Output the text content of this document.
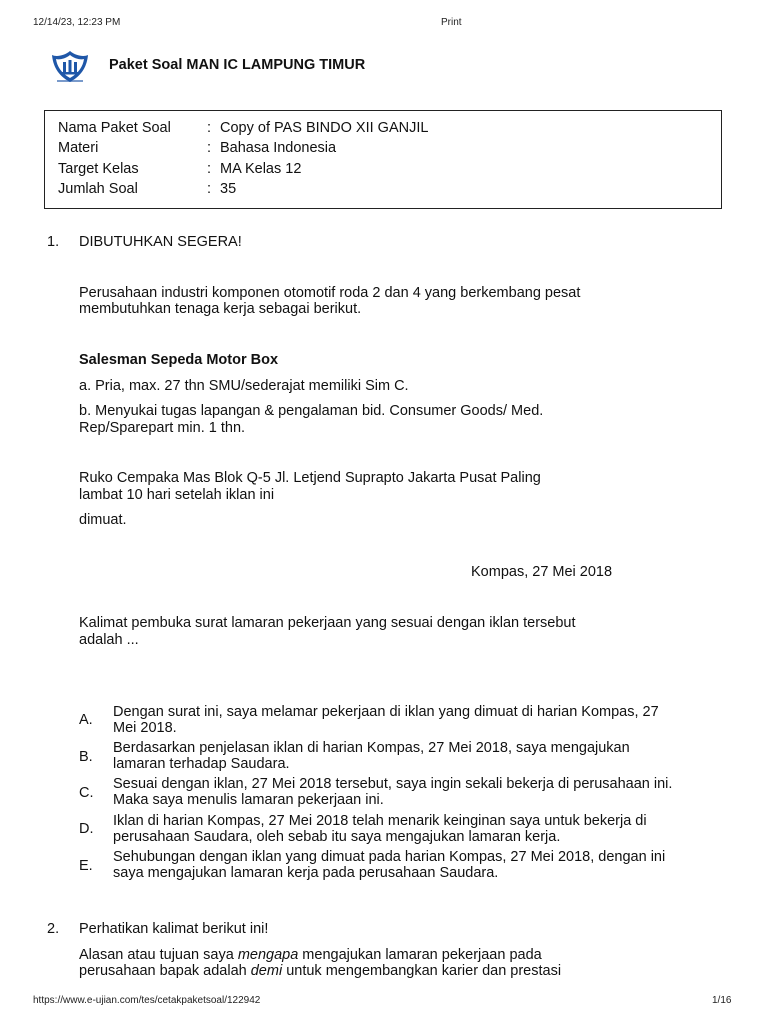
12/14/23, 12:23 PM	Print
Paket Soal MAN IC LAMPUNG TIMUR
Nama Paket Soal : Copy of PAS BINDO XII GANJIL
Materi	: Bahasa Indonesia
Target Kelas	: MA Kelas 12
Jumlah Soal	: 35
1. DIBUTUHKAN SEGERA!
Perusahaan industri komponen otomotif roda 2 dan 4 yang berkembang pesat
membutuhkan tenaga kerja sebagai berikut.
Salesman Sepeda Motor Box
a. Pria, max. 27 thn SMU/sederajat memiliki Sim C.
b. Menyukai tugas lapangan & pengalaman bid. Consumer Goods/ Med.
Rep/Sparepart min. 1 thn.
Ruko Cempaka Mas Blok Q-5 Jl. Letjend Suprapto Jakarta Pusat Paling
lambat 10 hari setelah iklan ini
dimuat.
Kompas, 27 Mei 2018
Kalimat pembuka surat lamaran pekerjaan yang sesuai dengan iklan tersebut
adalah ...
A. Dengan surat ini, saya melamar pekerjaan di iklan yang dimuat di harian Kompas, 27
Mei 2018.
B.
Berdasarkan penjelasan iklan di harian Kompas, 27 Mei 2018, saya mengajukan
lamaran terhadap Saudara.
C.
Sesuai dengan iklan, 27 Mei 2018 tersebut, saya ingin sekali bekerja di perusahaan ini.
Maka saya menulis lamaran pekerjaan ini.
D. Iklan di harian Kompas, 27 Mei 2018 telah menarik keinginan saya untuk bekerja di
perusahaan Saudara, oleh sebab itu saya mengajukan lamaran kerja.
E.
Sehubungan dengan iklan yang dimuat pada harian Kompas, 27 Mei 2018, dengan ini
saya mengajukan lamaran kerja pada perusahaan Saudara.
2. Perhatikan kalimat berikut ini!
Alasan atau tujuan saya mengapa mengajukan lamaran pekerjaan pada
perusahaan bapak adalah demi untuk mengembangkan karier dan prestasi
https://www.e-ujian.com/tes/cetakpaketsoal/122942	1/16
